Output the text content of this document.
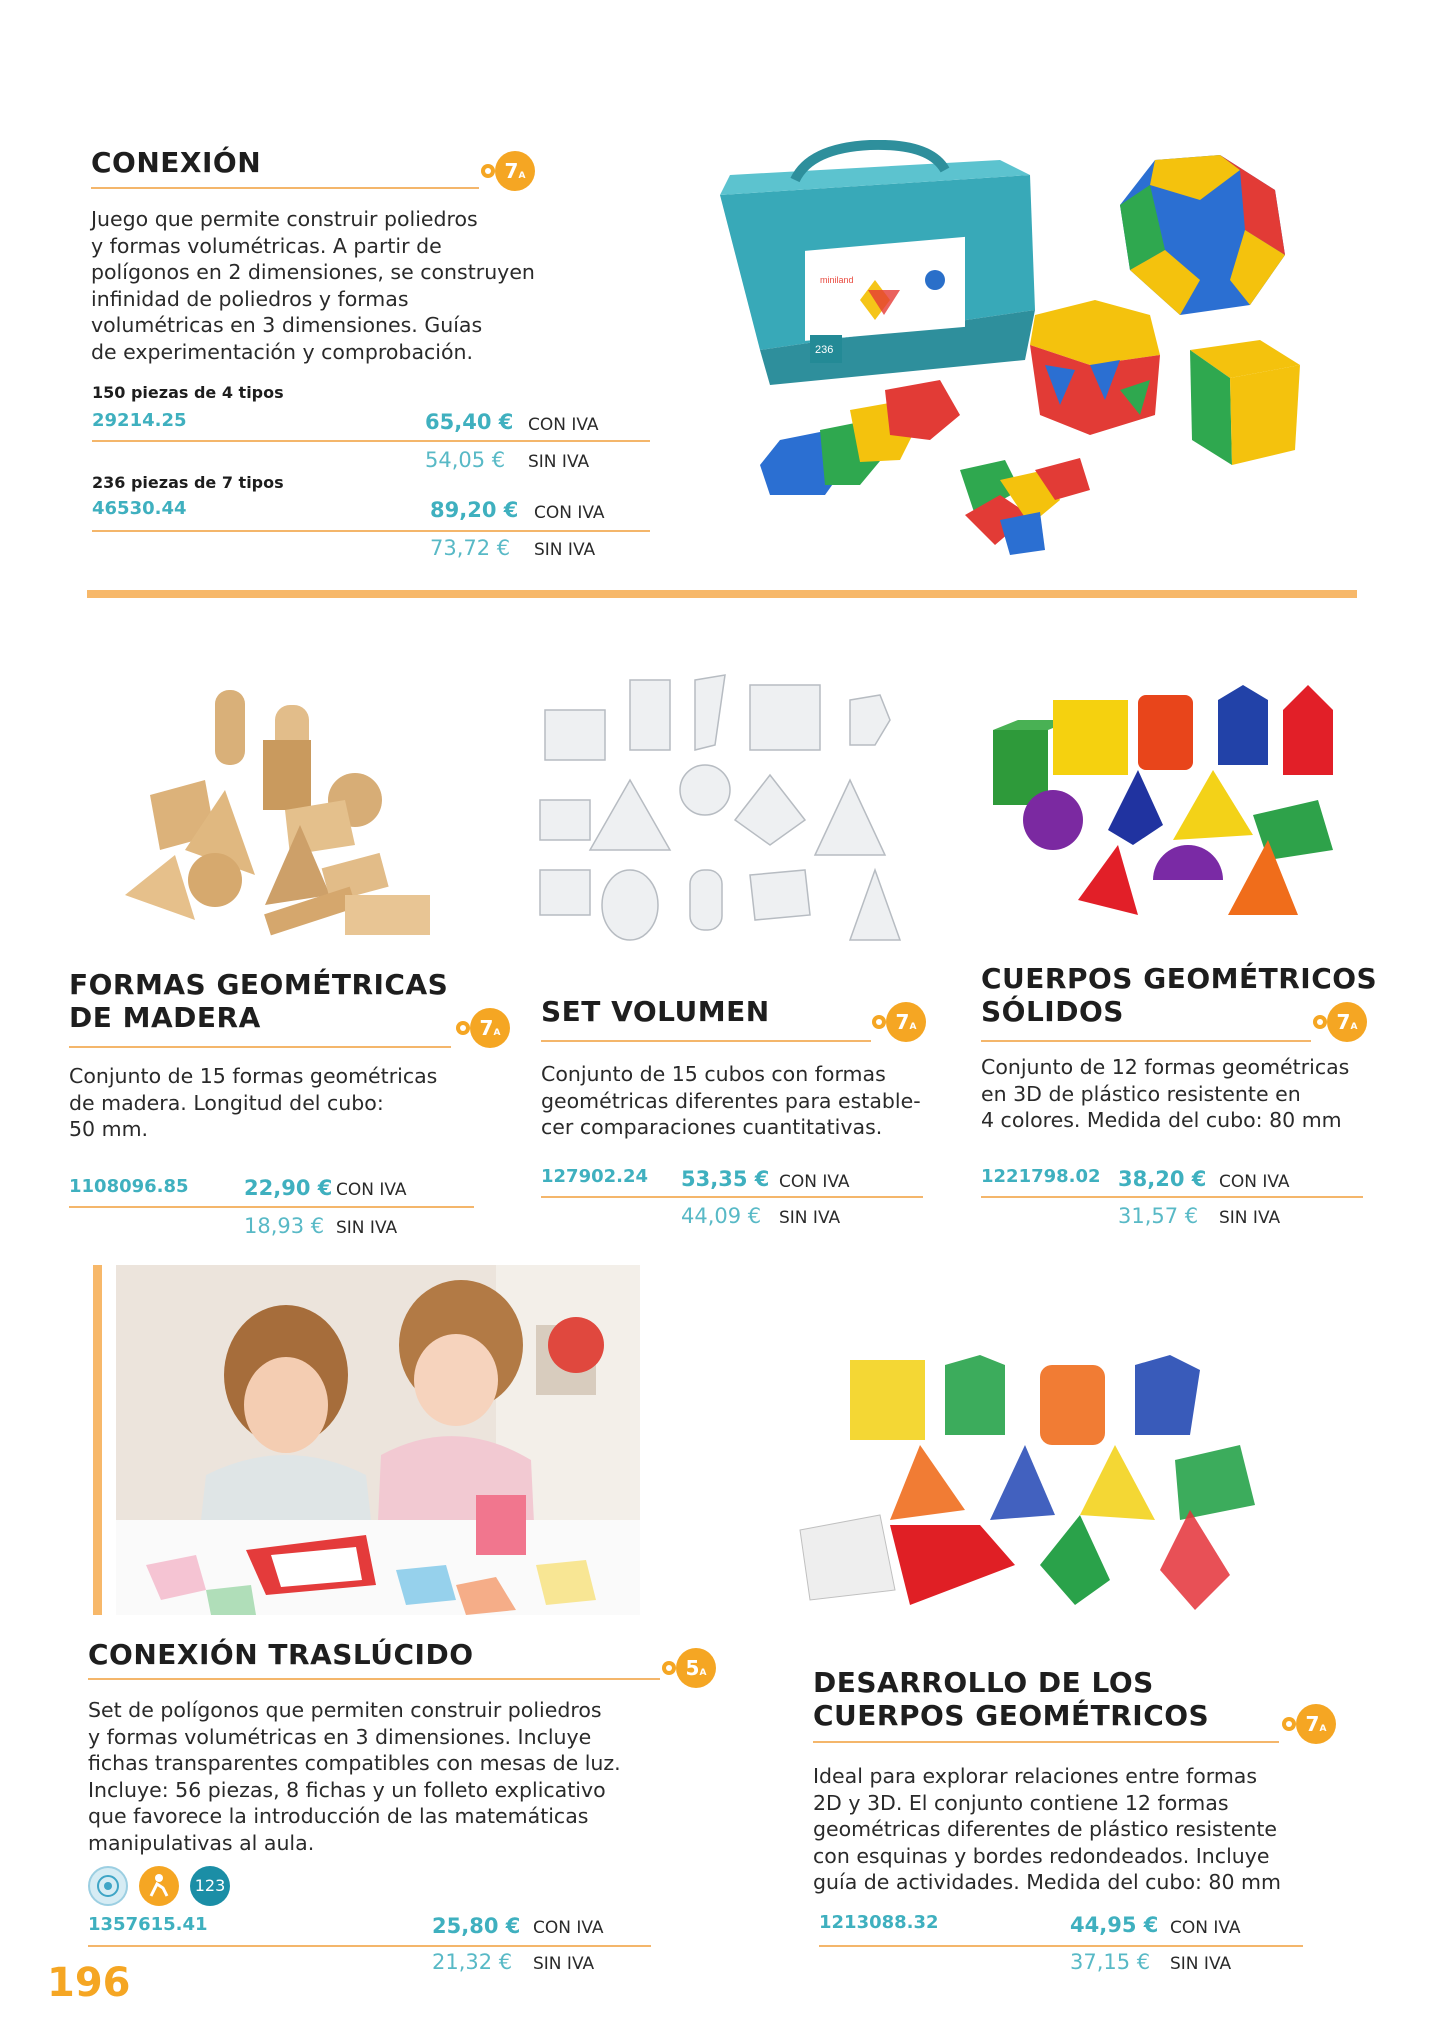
CONEXIÓN	7A
Juego que permite construir poliedros
y formas volumétricas. A partir de
polígonos en 2 dimensiones, se construyen
infinidad de poliedros y formas
volumétricas en 3 dimensiones. Guías
de experimentación y comprobación.
150 piezas de 4 tipos
29214.25	65,40 € CON IVA
54,05 € SIN IVA
236 piezas de 7 tipos
46530.44	89,20 € CON IVA
73,72 € SIN IVA
miniland
236
FORMAS GEOMÉTRICAS
DE MADERA	7A
Conjunto de 15 formas geométricas
de madera. Longitud del cubo:
50 mm.
1108096.85	22,90 € CON IVA
18,93 € SIN IVA
SET VOLUMEN	7A
Conjunto de 15 cubos con formas
geométricas diferentes para estable-
cer comparaciones cuantitativas.
127902.24 53,35 € CON IVA
44,09 € SIN IVA
CUERPOS GEOMÉTRICOS
SÓLIDOS	7A
Conjunto de 12 formas geométricas
en 3D de plástico resistente en
4 colores. Medida del cubo: 80 mm
1221798.02 38,20 € CON IVA
31,57 € SIN IVA
CONEXIÓN TRASLÚCIDO	5A
Set de polígonos que permiten construir poliedros
y formas volumétricas en 3 dimensiones. Incluye
fichas transparentes compatibles con mesas de luz.
Incluye: 56 piezas, 8 fichas y un folleto explicativo
que favorece la introducción de las matemáticas
manipulativas al aula.
123
1357615.41	25,80 € CON IVA
21,32 € SIN IVA
DESARROLLO DE LOS
CUERPOS GEOMÉTRICOS	7A
Ideal para explorar relaciones entre formas
2D y 3D. El conjunto contiene 12 formas
geométricas diferentes de plástico resistente
con esquinas y bordes redondeados. Incluye
guía de actividades. Medida del cubo: 80 mm
1213088.32	44,95 € CON IVA
37,15 € SIN IVA
196
